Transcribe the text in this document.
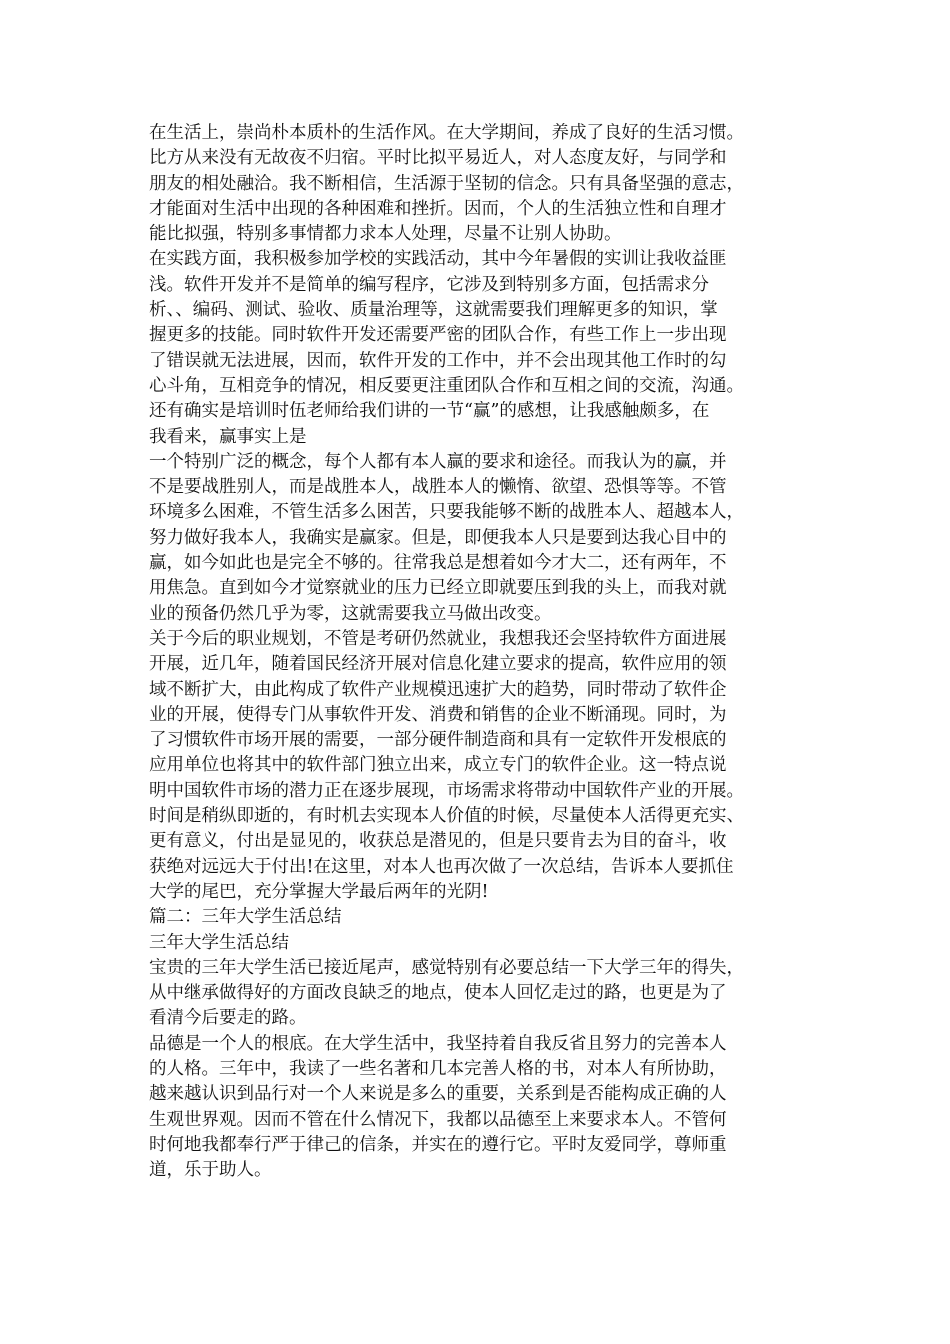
在生活上，崇尚朴本质朴的生活作风。在大学期间，养成了良好的生活习惯。
比方从来没有无故夜不归宿。平时比拟平易近人，对人态度友好，与同学和
朋友的相处融洽。我不断相信，生活源于坚韧的信念。只有具备坚强的意志，
才能面对生活中出现的各种困难和挫折。因而，个人的生活独立性和自理才
能比拟强，特别多事情都力求本人处理，尽量不让别人协助。
在实践方面，我积极参加学校的实践活动，其中今年暑假的实训让我收益匪
浅。软件开发并不是简单的编写程序，它涉及到特别多方面，包括需求分
析、、编码、测试、验收、质量治理等，这就需要我们理解更多的知识，掌
握更多的技能。同时软件开发还需要严密的团队合作，有些工作上一步出现
了错误就无法进展，因而，软件开发的工作中，并不会出现其他工作时的勾
心斗角，互相竞争的情况，相反要更注重团队合作和互相之间的交流，沟通。
还有确实是培训时伍老师给我们讲的一节“赢”的感想，让我感触颇多，在
我看来，赢事实上是
一个特别广泛的概念，每个人都有本人赢的要求和途径。而我认为的赢，并
不是要战胜别人，而是战胜本人，战胜本人的懒惰、欲望、恐惧等等。不管
环境多么困难，不管生活多么困苦，只要我能够不断的战胜本人、超越本人，
努力做好我本人，我确实是赢家。但是，即便我本人只是要到达我心目中的
赢，如今如此也是完全不够的。往常我总是想着如今才大二，还有两年，不
用焦急。直到如今才觉察就业的压力已经立即就要压到我的头上，而我对就
业的预备仍然几乎为零，这就需要我立马做出改变。
关于今后的职业规划，不管是考研仍然就业，我想我还会坚持软件方面进展
开展，近几年，随着国民经济开展对信息化建立要求的提高，软件应用的领
域不断扩大，由此构成了软件产业规模迅速扩大的趋势，同时带动了软件企
业的开展，使得专门从事软件开发、消费和销售的企业不断涌现。同时，为
了习惯软件市场开展的需要，一部分硬件制造商和具有一定软件开发根底的
应用单位也将其中的软件部门独立出来，成立专门的软件企业。这一特点说
明中国软件市场的潜力正在逐步展现，市场需求将带动中国软件产业的开展。
时间是稍纵即逝的，有时机去实现本人价值的时候，尽量使本人活得更充实、
更有意义，付出是显见的，收获总是潜见的，但是只要肯去为目的奋斗，收
获绝对远远大于付出!在这里，对本人也再次做了一次总结，告诉本人要抓住
大学的尾巴，充分掌握大学最后两年的光阴!
篇二：三年大学生活总结
三年大学生活总结
宝贵的三年大学生活已接近尾声，感觉特别有必要总结一下大学三年的得失，
从中继承做得好的方面改良缺乏的地点，使本人回忆走过的路，也更是为了
看清今后要走的路。
品德是一个人的根底。在大学生活中，我坚持着自我反省且努力的完善本人
的人格。三年中，我读了一些名著和几本完善人格的书，对本人有所协助，
越来越认识到品行对一个人来说是多么的重要，关系到是否能构成正确的人
生观世界观。因而不管在什么情况下，我都以品德至上来要求本人。不管何
时何地我都奉行严于律己的信条，并实在的遵行它。平时友爱同学，尊师重
道，乐于助人。
